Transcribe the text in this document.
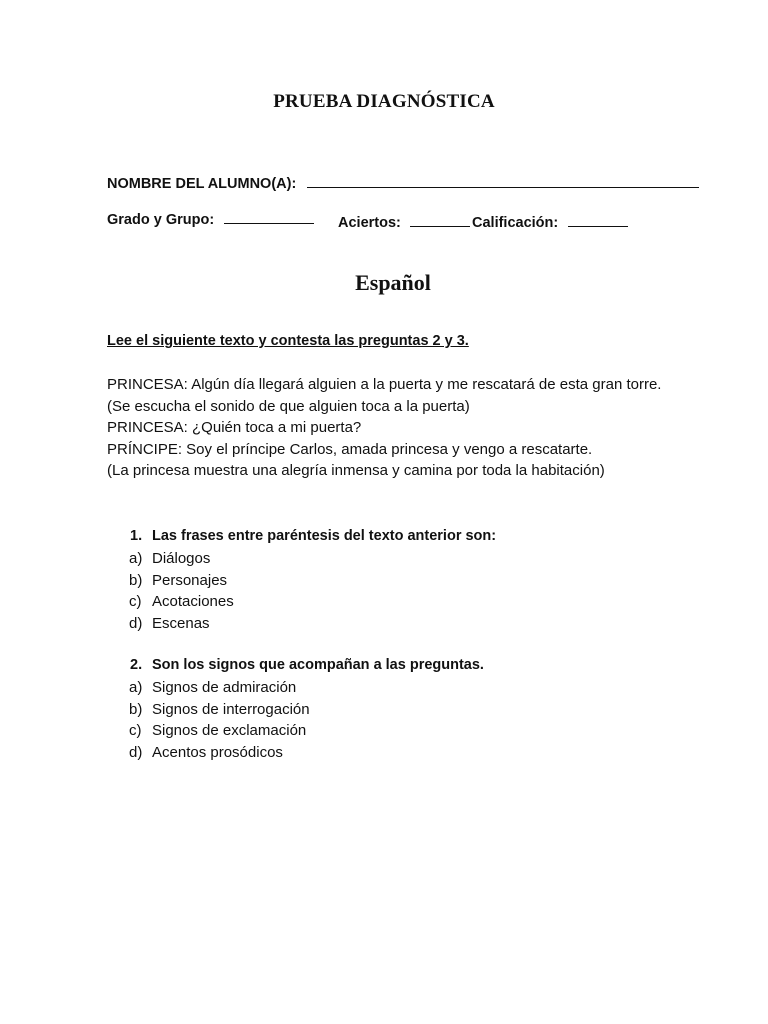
PRUEBA DIAGNÓSTICA
NOMBRE DEL ALUMNO(A):
Grado y Grupo:	Aciertos:	Calificación:
Español
Lee el siguiente texto y contesta las preguntas 2 y 3.

PRINCESA: Algún día llegará alguien a la puerta y me rescatará de esta gran torre.

(Se escucha el sonido de que alguien toca a la puerta)

PRINCESA: ¿Quién toca a mi puerta?

PRÍNCIPE: Soy el príncipe Carlos, amada princesa y vengo a rescatarte.

(La princesa muestra una alegría inmensa y camina por toda la habitación)

1. Las frases entre paréntesis del texto anterior son:
a) Diálogos
b) Personajes
c) Acotaciones
d) Escenas
2. Son los signos que acompañan a las preguntas.
a) Signos de admiración
b) Signos de interrogación
c) Signos de exclamación
d) Acentos prosódicos
